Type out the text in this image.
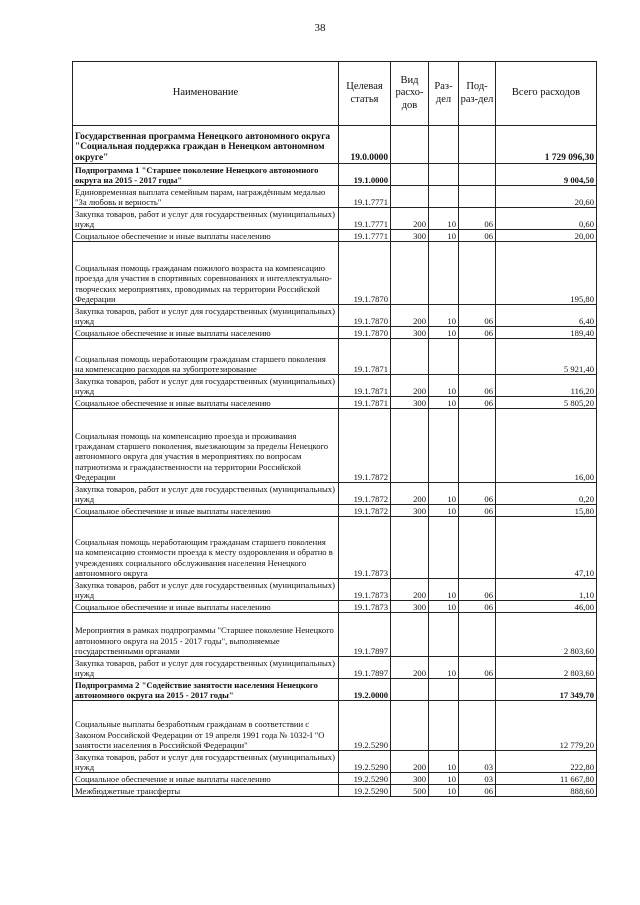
38
Наименование	Целевая статья	Вид расхо-дов	Раз-дел	Под-раз-дел	Всего расходов
Государственная программа Ненецкого автономного округа "Социальная поддержка граждан в Ненецком автономном округе"	19.0.0000				1 729 096,30
Подпрограмма 1 "Старшее поколение Ненецкого автономного округа на 2015 - 2017 годы"	19.1.0000				9 004,50
Единовременная выплата семейным парам, награждённым медалью "За любовь и верность"	19.1.7771				20,60
Закупка товаров, работ и услуг для государственных (муниципальных) нужд	19.1.7771	200	10	06	0,60
Социальное обеспечение и иные выплаты населению	19.1.7771	300	10	06	20,00
Социальная помощь гражданам пожилого возраста на компенсацию проезда для участия в спортивных соревнованиях и интеллектуально-творческих мероприятиях, проводимых на территории Российской Федерации	19.1.7870				195,80
Закупка товаров, работ и услуг для государственных (муниципальных) нужд	19.1.7870	200	10	06	6,40
Социальное обеспечение и иные выплаты населению	19.1.7870	300	10	06	189,40
Социальная помощь неработающим гражданам старшего поколения на компенсацию расходов на зубопротезирование	19.1.7871				5 921,40
Закупка товаров, работ и услуг для государственных (муниципальных) нужд	19.1.7871	200	10	06	116,20
Социальное обеспечение и иные выплаты населению	19.1.7871	300	10	06	5 805,20
Социальная помощь на компенсацию проезда и проживания гражданам старшего поколения, выезжающим за пределы Ненецкого автономного округа для участия в мероприятиях по вопросам патриотизма и гражданственности на территории Российской Федерации	19.1.7872				16,00
Закупка товаров, работ и услуг для государственных (муниципальных) нужд	19.1.7872	200	10	06	0,20
Социальное обеспечение и иные выплаты населению	19.1.7872	300	10	06	15,80
Социальная помощь неработающим гражданам старшего поколения на компенсацию стоимости проезда к месту оздоровления и обратно в учреждениях социального обслуживания населения Ненецкого автономного округа	19.1.7873				47,10
Закупка товаров, работ и услуг для государственных (муниципальных) нужд	19.1.7873	200	10	06	1,10
Социальное обеспечение и иные выплаты населению	19.1.7873	300	10	06	46,00
Мероприятия в рамках подпрограммы "Старшее поколение Ненецкого автономного округа на 2015 - 2017 годы", выполняемые государственными органами	19.1.7897				2 803,60
Закупка товаров, работ и услуг для государственных (муниципальных) нужд	19.1.7897	200	10	06	2 803,60
Подпрограмма 2 "Содействие занятости населения Ненецкого автономного округа на 2015 - 2017 годы"	19.2.0000				17 349,70
Социальные выплаты безработным гражданам в соответствии с Законом Российской Федерации от 19 апреля 1991 года № 1032-I "О занятости населения в Российской Федерации"	19.2.5290				12 779,20
Закупка товаров, работ и услуг для государственных (муниципальных) нужд	19.2.5290	200	10	03	222,80
Социальное обеспечение и иные выплаты населению	19.2.5290	300	10	03	11 667,80
Межбюджетные трансферты	19.2.5290	500	10	06	888,60
